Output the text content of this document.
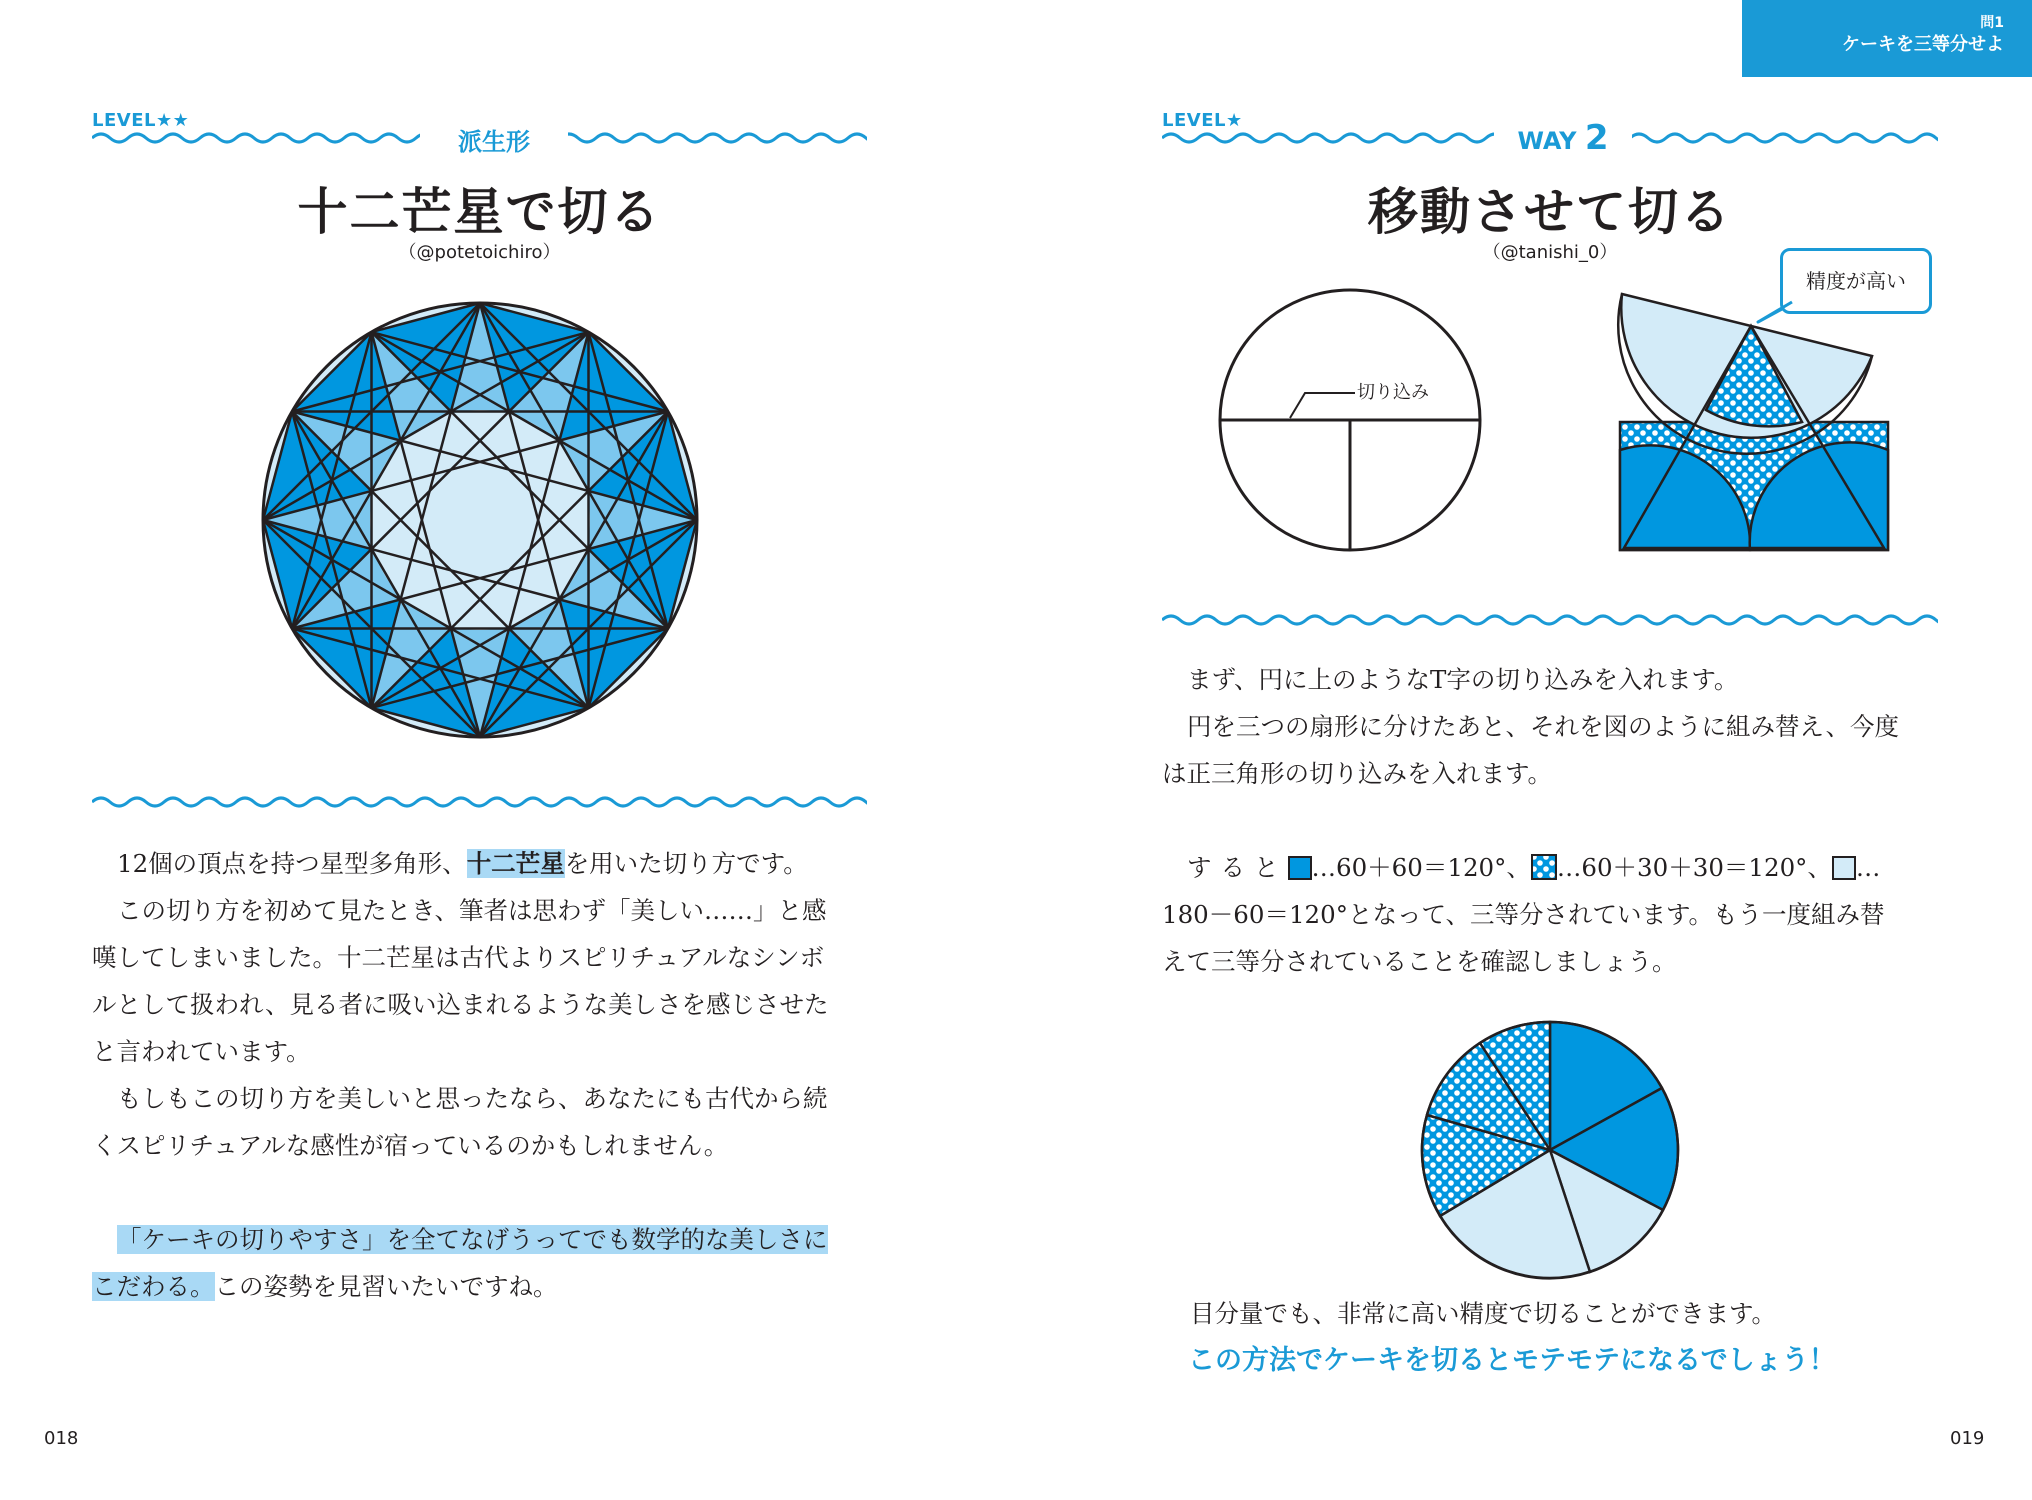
問1
ケーキを三等分せよ
LEVEL★★
派生形
十二芒星で切る
（@potetoichiro）

12個の頂点を持つ星型多角形、十二芒星を用いた切り方です。

この切り方を初めて見たとき、筆者は思わず「美しい……」と感

嘆してしまいました。十二芒星は古代よりスピリチュアルなシンボ

ルとして扱われ、見る者に吸い込まれるような美しさを感じさせた

と言われています。

もしもこの切り方を美しいと思ったなら、あなたにも古代から続

くスピリチュアルな感性が宿っているのかもしれません。

「ケーキの切りやすさ」を全てなげうってでも数学的な美しさに

こだわる。この姿勢を見習いたいですね。

018
LEVEL★
WAY 2
移動させて切る
（@tanishi_0）
切り込み
精度が高い

まず、円に上のようなT字の切り込みを入れます。

円を三つの扇形に分けたあと、それを図のように組み替え、今度

は正三角形の切り込みを入れます。

すると …60＋60＝120°、 …60＋30＋30＝120°、 …

180－60＝120°となって、三等分されています。もう一度組み替

えて三等分されていることを確認しましょう。

目分量でも、非常に高い精度で切ることができます。
この方法でケーキを切るとモテモテになるでしょう！
019
